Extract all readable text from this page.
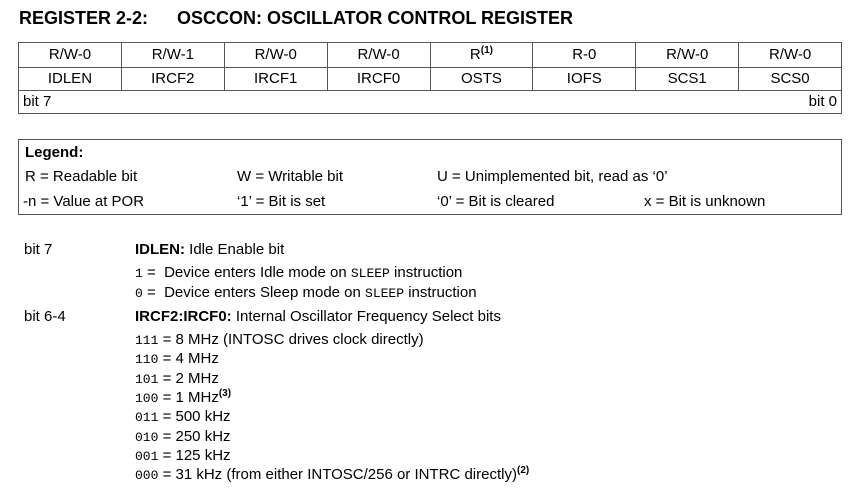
REGISTER 2-2: OSCCON: OSCILLATOR CONTROL REGISTER
R/W-0	R/W-1	R/W-0	R/W-0	$R^{(1)}$	R-0	R/W-0	R/W-0
IDLEN	IRCF2	IRCF1	IRCF0	OSTS	IOFS	SCS1	SCS0
bit 7	bit 0
Legend:
R = Readable bit	W = Writable bit	U = Unimplemented bit, read as ‘0’
-n = Value at POR	‘1’ = Bit is set	‘0’ = Bit is cleared	x = Bit is unknown
bit 7	IDLEN: Idle Enable bit
1 =  Device enters Idle mode on SLEEP instruction
0 =  Device enters Sleep mode on SLEEP instruction
bit 6-4	IRCF2:IRCF0: Internal Oscillator Frequency Select bits
111 = 8 MHz (INTOSC drives clock directly)
110 = 4 MHz
101 = 2 MHz
100 = 1 MHz$^{(3)}$
011 = 500 kHz
010 = 250 kHz
001 = 125 kHz
000 = 31 kHz (from either INTOSC/256 or INTRC directly)$^{(2)}$
